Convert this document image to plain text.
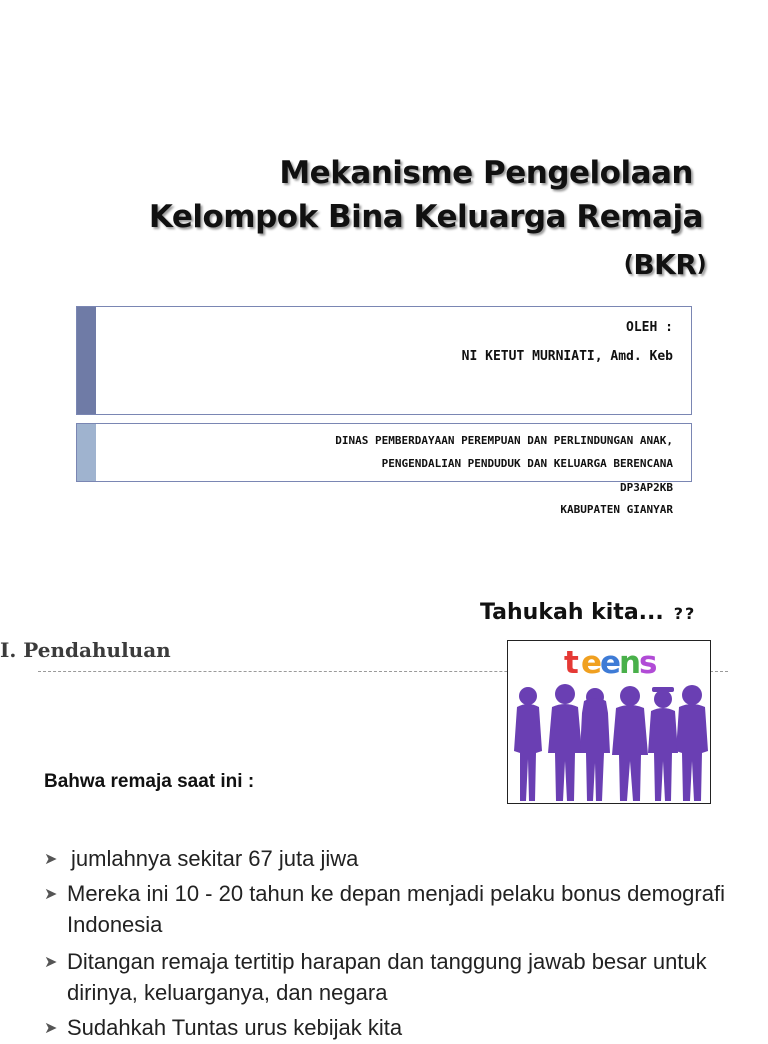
Mekanisme Pengelolaan
Kelompok Bina Keluarga Remaja
(BKR)
OLEH :
NI KETUT MURNIATI, Amd. Keb
DINAS PEMBERDAYAAN PEREMPUAN DAN PERLINDUNGAN ANAK,
PENGENDALIAN PENDUDUK DAN KELUARGA BERENCANA
DP3AP2KB
KABUPATEN GIANYAR
Tahukah kita... ??
I. Pendahuluan	t e
e
n
s
Bahwa remaja saat ini :
➤ jumlahnya sekitar 67 juta jiwa
➤ Mereka ini 10 - 20 tahun ke depan menjadi pelaku bonus demografi Indonesia
➤ Ditangan remaja tertitip harapan dan tanggung jawab besar untuk dirinya, keluarganya, dan negara
➤ Sudahkah Tuntas urus kebijak kita
